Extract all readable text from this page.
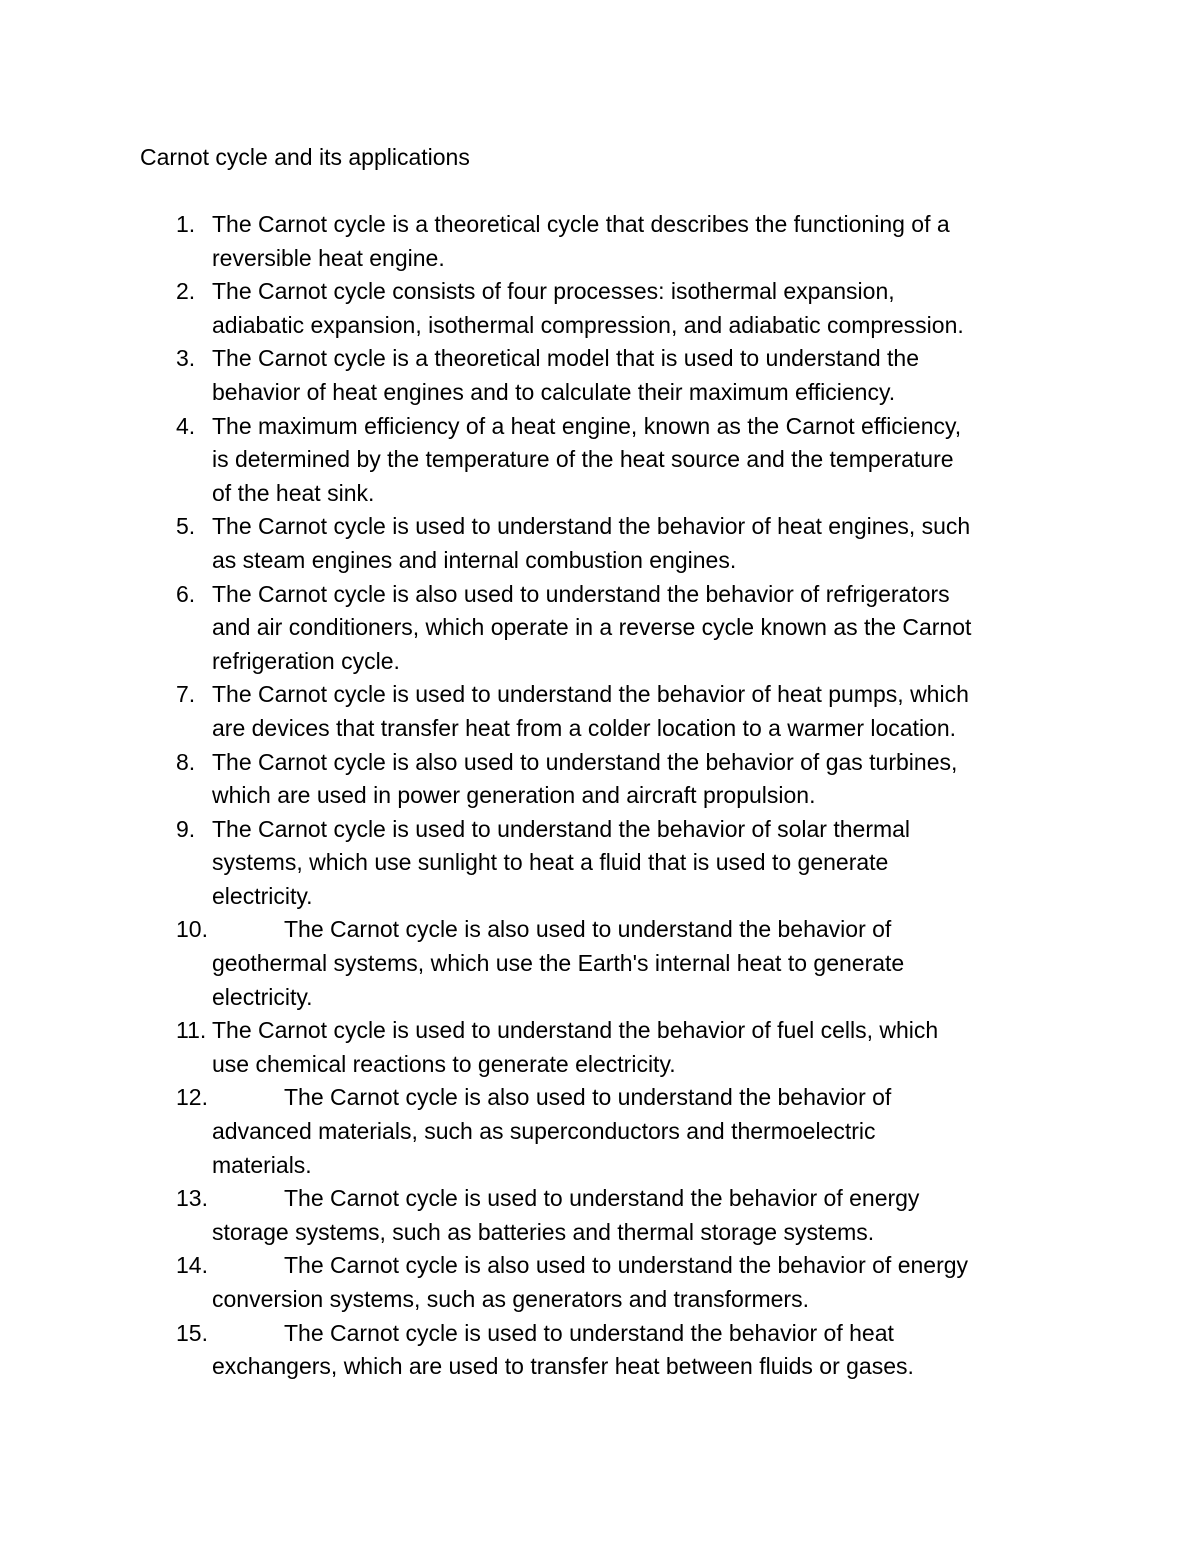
Carnot cycle and its applications
1. The Carnot cycle is a theoretical cycle that describes the functioning of a
reversible heat engine.
2. The Carnot cycle consists of four processes: isothermal expansion,
adiabatic expansion, isothermal compression, and adiabatic compression.
3. The Carnot cycle is a theoretical model that is used to understand the
behavior of heat engines and to calculate their maximum efficiency.
4. The maximum efficiency of a heat engine, known as the Carnot efficiency,
is determined by the temperature of the heat source and the temperature
of the heat sink.
5. The Carnot cycle is used to understand the behavior of heat engines, such
as steam engines and internal combustion engines.
6. The Carnot cycle is also used to understand the behavior of refrigerators
and air conditioners, which operate in a reverse cycle known as the Carnot
refrigeration cycle.
7. The Carnot cycle is used to understand the behavior of heat pumps, which
are devices that transfer heat from a colder location to a warmer location.
8. The Carnot cycle is also used to understand the behavior of gas turbines,
which are used in power generation and aircraft propulsion.
9. The Carnot cycle is used to understand the behavior of solar thermal
systems, which use sunlight to heat a fluid that is used to generate
electricity.
10.	The Carnot cycle is also used to understand the behavior of
geothermal systems, which use the Earth's internal heat to generate
electricity.
11. The Carnot cycle is used to understand the behavior of fuel cells, which
use chemical reactions to generate electricity.
12.	The Carnot cycle is also used to understand the behavior of
advanced materials, such as superconductors and thermoelectric
materials.
13.	The Carnot cycle is used to understand the behavior of energy
storage systems, such as batteries and thermal storage systems.
14.	The Carnot cycle is also used to understand the behavior of energy
conversion systems, such as generators and transformers.
15.	The Carnot cycle is used to understand the behavior of heat
exchangers, which are used to transfer heat between fluids or gases.
